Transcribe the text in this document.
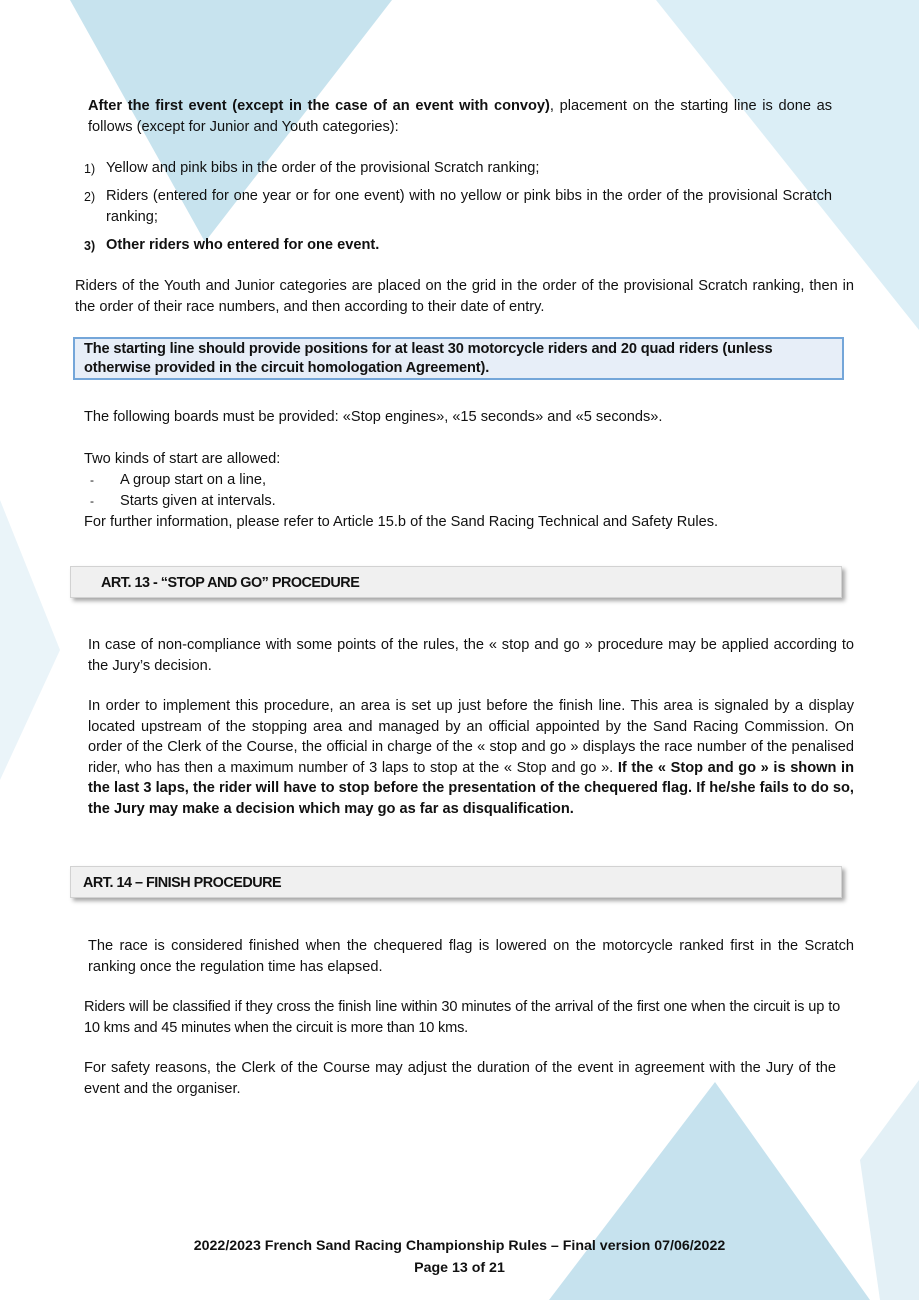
After the first event (except in the case of an event with convoy), placement on the starting line is done as follows (except for Junior and Youth categories):
1) Yellow and pink bibs in the order of the provisional Scratch ranking;
2) Riders (entered for one year or for one event) with no yellow or pink bibs in the order of the provisional Scratch ranking;
3) Other riders who entered for one event.
Riders of the Youth and Junior categories are placed on the grid in the order of the provisional Scratch ranking, then in the order of their race numbers, and then according to their date of entry.
The starting line should provide positions for at least 30 motorcycle riders and 20 quad riders (unless otherwise provided in the circuit homologation Agreement).
The following boards must be provided: «Stop engines», «15 seconds» and «5 seconds».
Two kinds of start are allowed:
- A group start on a line,
- Starts given at intervals.
For further information, please refer to Article 15.b of the Sand Racing Technical and Safety Rules.
ART. 13 - “STOP AND GO” PROCEDURE
In case of non-compliance with some points of the rules, the « stop and go » procedure may be applied according to the Jury’s decision.
In order to implement this procedure, an area is set up just before the finish line. This area is signaled by a display located upstream of the stopping area and managed by an official appointed by the Sand Racing Commission. On order of the Clerk of the Course, the official in charge of the « stop and go » displays the race number of the penalised rider, who has then a maximum number of 3 laps to stop at the « Stop and go ». If the « Stop and go » is shown in the last 3 laps, the rider will have to stop before the presentation of the chequered flag. If he/she fails to do so, the Jury may make a decision which may go as far as disqualification.
ART. 14 – FINISH PROCEDURE
The race is considered finished when the chequered flag is lowered on the motorcycle ranked first in the Scratch ranking once the regulation time has elapsed.
Riders will be classified if they cross the finish line within 30 minutes of the arrival of the first one when the circuit is up to 10 kms and 45 minutes when the circuit is more than 10 kms.
For safety reasons, the Clerk of the Course may adjust the duration of the event in agreement with the Jury of the event and the organiser.
2022/2023 French Sand Racing Championship Rules – Final version 07/06/2022
Page 13 of 21
